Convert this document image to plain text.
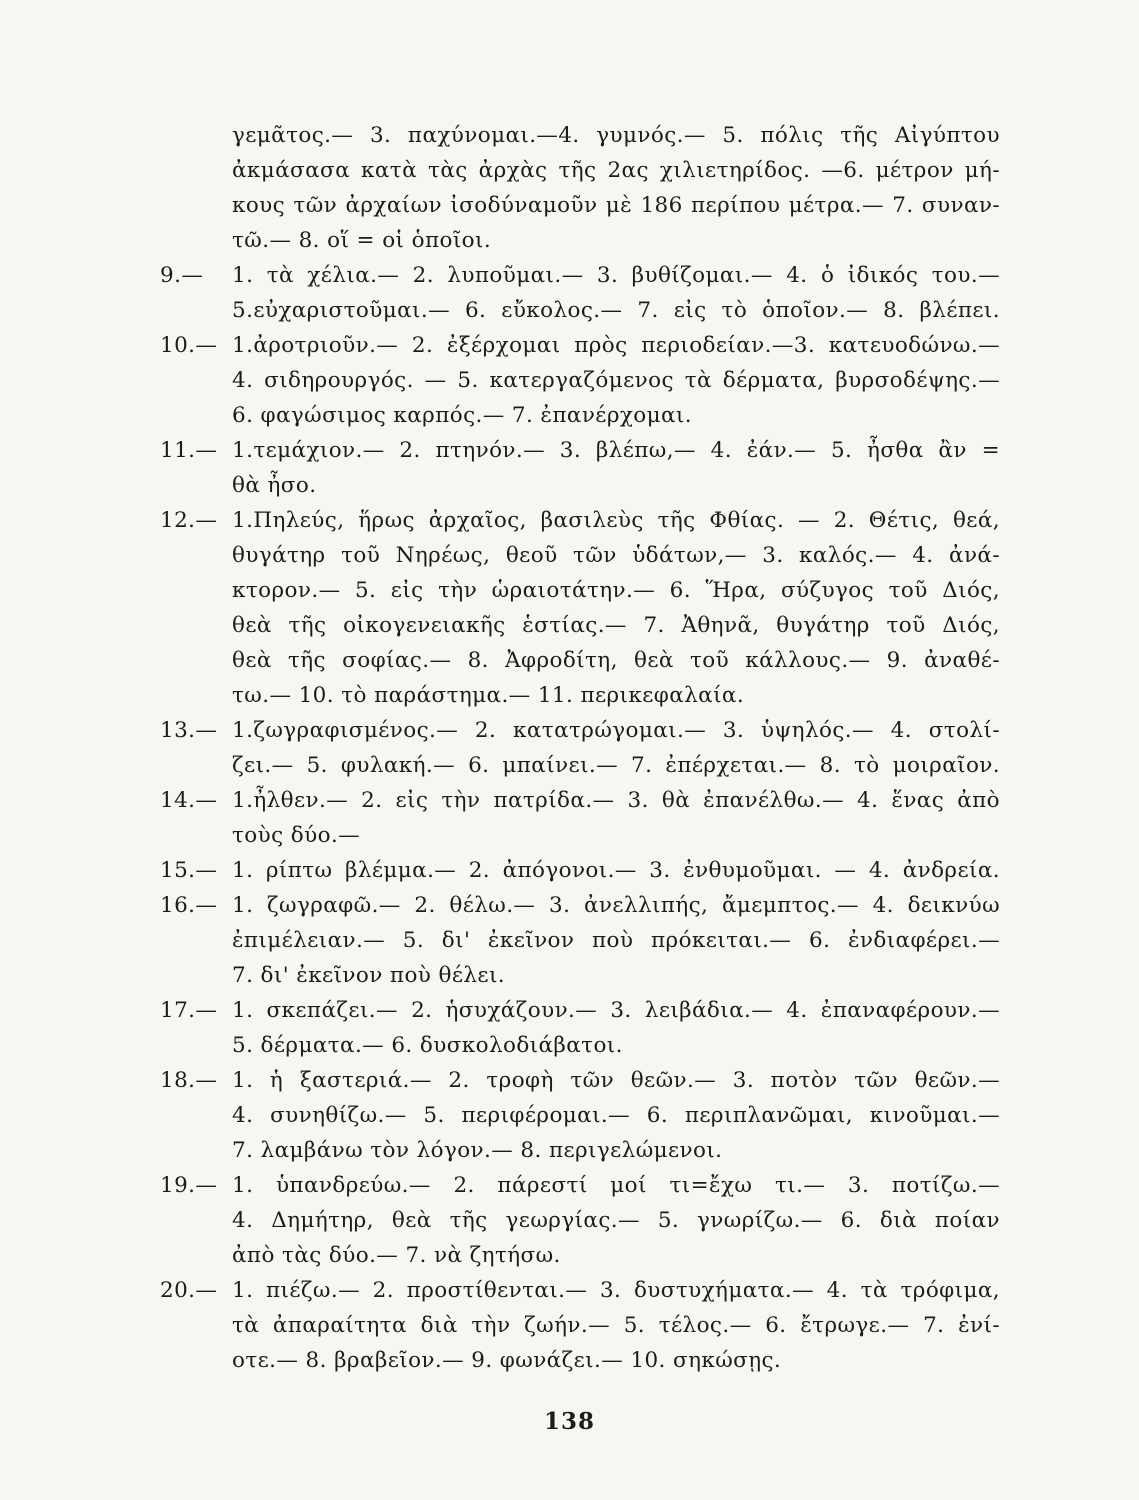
γεμᾶτος.— 3. παχύνομαι.—4. γυμνός.— 5. πόλις τῆς Αἰγύπτου
ἀκμάσασα κατὰ τὰς ἀρχὰς τῆς 2ας χιλιετηρίδος. —6. μέτρον μή-
κους τῶν ἀρχαίων ἰσοδύναμοῦν μὲ 186 περίπου μέτρα.— 7. συναν-
τῶ.— 8. οἵ = οἱ ὁποῖοι.
9.—	1. τὰ χέλια.— 2. λυποῦμαι.— 3. βυθίζομαι.— 4. ὁ ἰδικός του.—
5.εὐχαριστοῦμαι.— 6. εὔκολος.— 7. εἰς τὸ ὁποῖον.— 8. βλέπει.
10.— 1.ἀροτριοῦν.— 2. ἐξέρχομαι πρὸς περιοδείαν.—3. κατευοδώνω.—
4. σιδηρουργός. — 5. κατεργαζόμενος τὰ δέρματα, βυρσοδέψης.—
6. φαγώσιμος καρπός.— 7. ἐπανέρχομαι.
11.— 1.τεμάχιον.— 2. πτηνόν.— 3. βλέπω,— 4. ἐάν.— 5. ἦσθα ἂν =
θὰ ἦσο.
12.— 1.Πηλεύς, ἥρως ἀρχαῖος, βασιλεὺς τῆς Φθίας. — 2. Θέτις, θεά,
θυγάτηρ τοῦ Νηρέως, θεοῦ τῶν ὑδάτων,— 3. καλός.— 4. ἀνά-
κτορον.— 5. εἰς τὴν ὡραιοτάτην.— 6. Ἥρα, σύζυγος τοῦ Διός,
θεὰ τῆς οἰκογενειακῆς ἑστίας.— 7. Ἀθηνᾶ, θυγάτηρ τοῦ Διός,
θεὰ τῆς σοφίας.— 8. Ἀφροδίτη, θεὰ τοῦ κάλλους.— 9. ἀναθέ-
τω.— 10. τὸ παράστημα.— 11. περικεφαλαία.
13.— 1.ζωγραφισμένος.— 2. κατατρώγομαι.— 3. ὑψηλός.— 4. στολί-
ζει.— 5. φυλακή.— 6. μπαίνει.— 7. ἐπέρχεται.— 8. τὸ μοιραῖον.
14.— 1.ἦλθεν.— 2. εἰς τὴν πατρίδα.— 3. θὰ ἐπανέλθω.— 4. ἕνας ἀπὸ
τοὺς δύο.—
15.— 1. ρίπτω βλέμμα.— 2. ἀπόγονοι.— 3. ἐνθυμοῦμαι. — 4. ἀνδρεία.
16.— 1. ζωγραφῶ.— 2. θέλω.— 3. ἀνελλιπής, ἄμεμπτος.— 4. δεικνύω
ἐπιμέλειαν.— 5. δι' ἐκεῖνον ποὺ πρόκειται.— 6. ἐνδιαφέρει.—
7. δι' ἐκεῖνον ποὺ θέλει.
17.— 1. σκεπάζει.— 2. ἡσυχάζουν.— 3. λειβάδια.— 4. ἐπαναφέρουν.—
5. δέρματα.— 6. δυσκολοδιάβατοι.
18.— 1. ἡ ξαστεριά.— 2. τροφὴ τῶν θεῶν.— 3. ποτὸν τῶν θεῶν.—
4. συνηθίζω.— 5. περιφέρομαι.— 6. περιπλανῶμαι, κινοῦμαι.—
7. λαμβάνω τὸν λόγον.— 8. περιγελώμενοι.
19.— 1. ὑπανδρεύω.— 2. πάρεστί μοί τι=ἔχω τι.— 3. ποτίζω.—
4. Δημήτηρ, θεὰ τῆς γεωργίας.— 5. γνωρίζω.— 6. διὰ ποίαν
ἀπὸ τὰς δύο.— 7. νὰ ζητήσω.
20.— 1. πιέζω.— 2. προστίθενται.— 3. δυστυχήματα.— 4. τὰ τρόφιμα,
τὰ ἀπαραίτητα διὰ τὴν ζωήν.— 5. τέλος.— 6. ἔτρωγε.— 7. ἐνί-
οτε.— 8. βραβεῖον.— 9. φωνάζει.— 10. σηκώσῃς.
138
